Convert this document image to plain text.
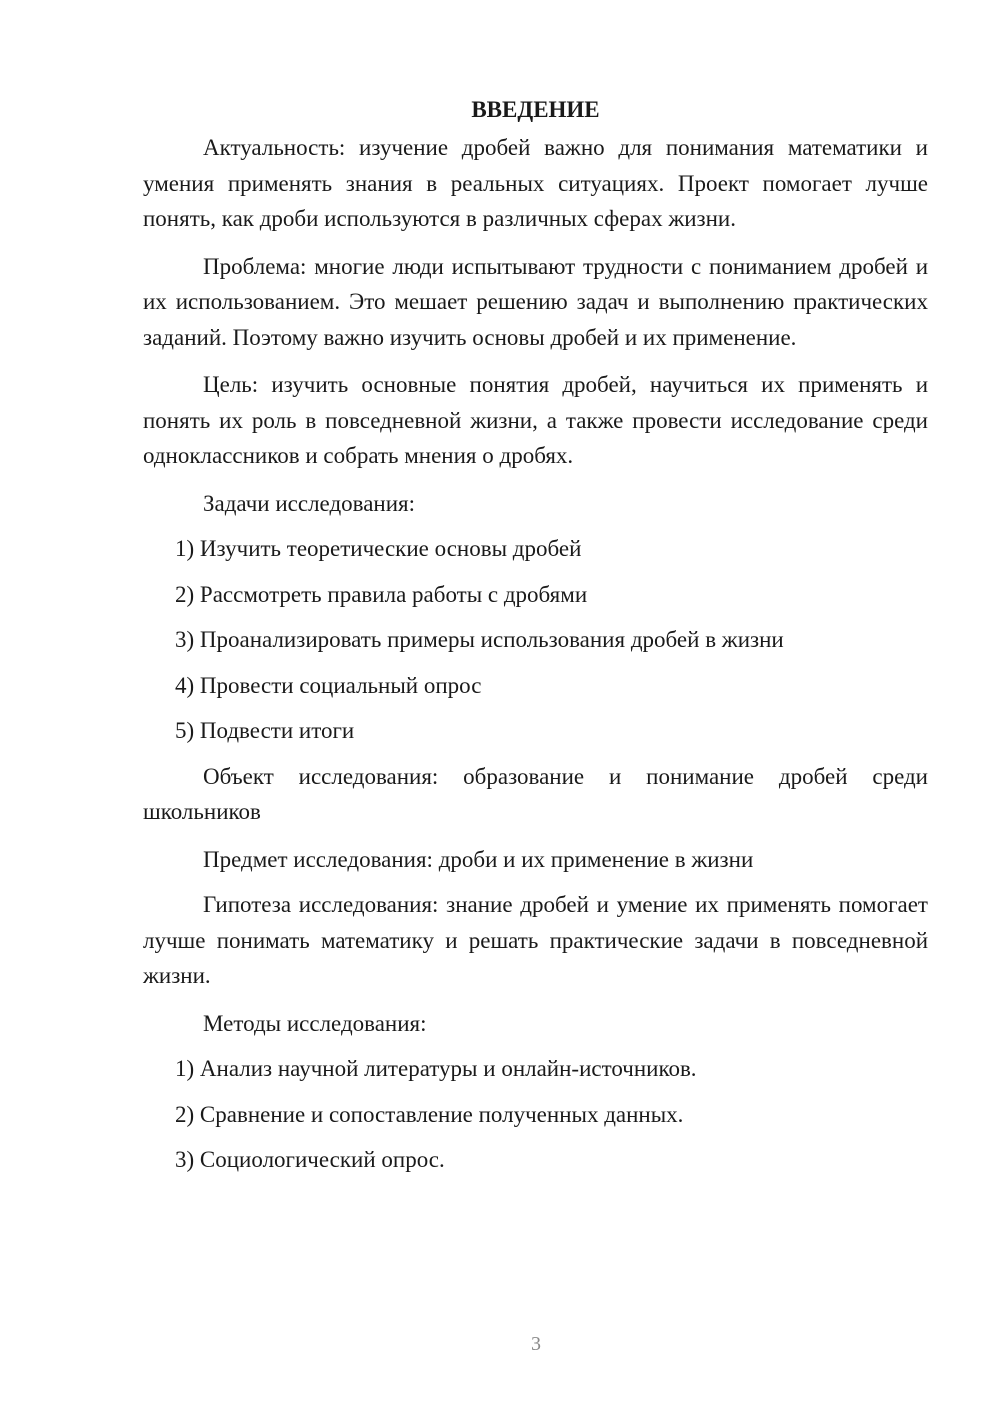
ВВЕДЕНИЕ

Актуальность: изучение дробей важно для понимания математики и умения применять знания в реальных ситуациях. Проект помогает лучше понять, как дроби используются в различных сферах жизни.

Проблема: многие люди испытывают трудности с пониманием дробей и их использованием. Это мешает решению задач и выполнению практических заданий. Поэтому важно изучить основы дробей и их применение.

Цель: изучить основные понятия дробей, научиться их применять и понять их роль в повседневной жизни, а также провести исследование среди одноклассников и собрать мнения о дробях.

Задачи исследования:

1) Изучить теоретические основы дробей
2) Рассмотреть правила работы с дробями
3) Проанализировать примеры использования дробей в жизни
4) Провести социальный опрос
5) Подвести итоги

Объект исследования: образование и понимание дробей среди школьников

Предмет исследования: дроби и их применение в жизни

Гипотеза исследования: знание дробей и умение их применять помогает лучше понимать математику и решать практические задачи в повседневной жизни.

Методы исследования:

1) Анализ научной литературы и онлайн-источников.
2) Сравнение и сопоставление полученных данных.
3) Социологический опрос.
3
